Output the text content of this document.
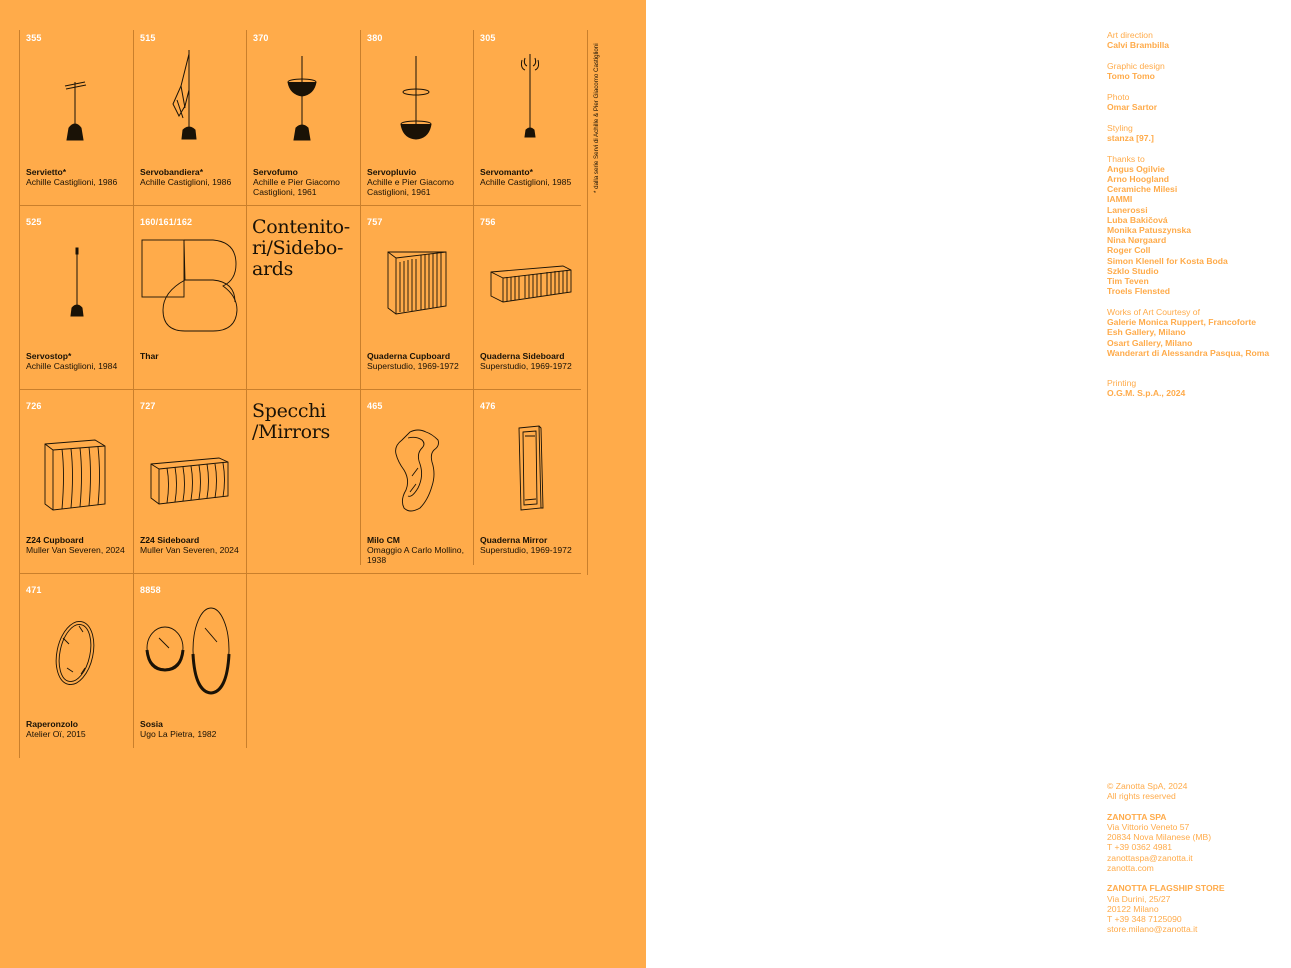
355
Servietto*
Achille Castiglioni, 1986
515
Servobandiera*
Achille Castiglioni, 1986
370
Servofumo
Achille e Pier Giacomo Castiglioni, 1961
380
Servopluvio
Achille e Pier Giacomo Castiglioni, 1961
305
Servomanto*
Achille Castiglioni, 1985	* dalla serie Servi di Achille & Pier Giacomo Castiglioni
525
Servostop*
Achille Castiglioni, 1984
160/161/162
Thar
Contenito-ri/Sidebo-ards
757
Quaderna Cupboard
Superstudio, 1969-1972
756
Quaderna Sideboard
Superstudio, 1969-1972
726
Z24 Cupboard
Muller Van Severen, 2024
727
Z24 Sideboard
Muller Van Severen, 2024
Specchi /Mirrors
465
Milo CM
Omaggio A Carlo Mollino, 1938
476
Quaderna Mirror
Superstudio, 1969-1972
471
Raperonzolo
Atelier Oï, 2015
8858
Sosia
Ugo La Pietra, 1982
Art direction
Calvi Brambilla
Graphic design
Tomo Tomo
Photo
Omar Sartor
Styling
stanza [97.]
Thanks to
Angus Ogilvie
Arno Hoogland
Ceramiche Milesi
IAMMI
Lanerossi
Luba Bakičová
Monika Patuszynska
Nina Nørgaard
Roger Coll
Simon Klenell for Kosta Boda
Szklo Studio
Tim Teven
Troels Flensted
Works of Art Courtesy of
Galerie Monica Ruppert, Francoforte
Esh Gallery, Milano
Osart Gallery, Milano
Wanderart di Alessandra Pasqua, Roma
Printing
O.G.M. S.p.A., 2024
© Zanotta SpA, 2024
All rights reserved
ZANOTTA SPA
Via Vittorio Veneto 57
20834 Nova Milanese (MB)
T +39 0362 4981
zanottaspa@zanotta.it
zanotta.com
ZANOTTA FLAGSHIP STORE
Via Durini, 25/27
20122 Milano
T +39 348 7125090
store.milano@zanotta.it
